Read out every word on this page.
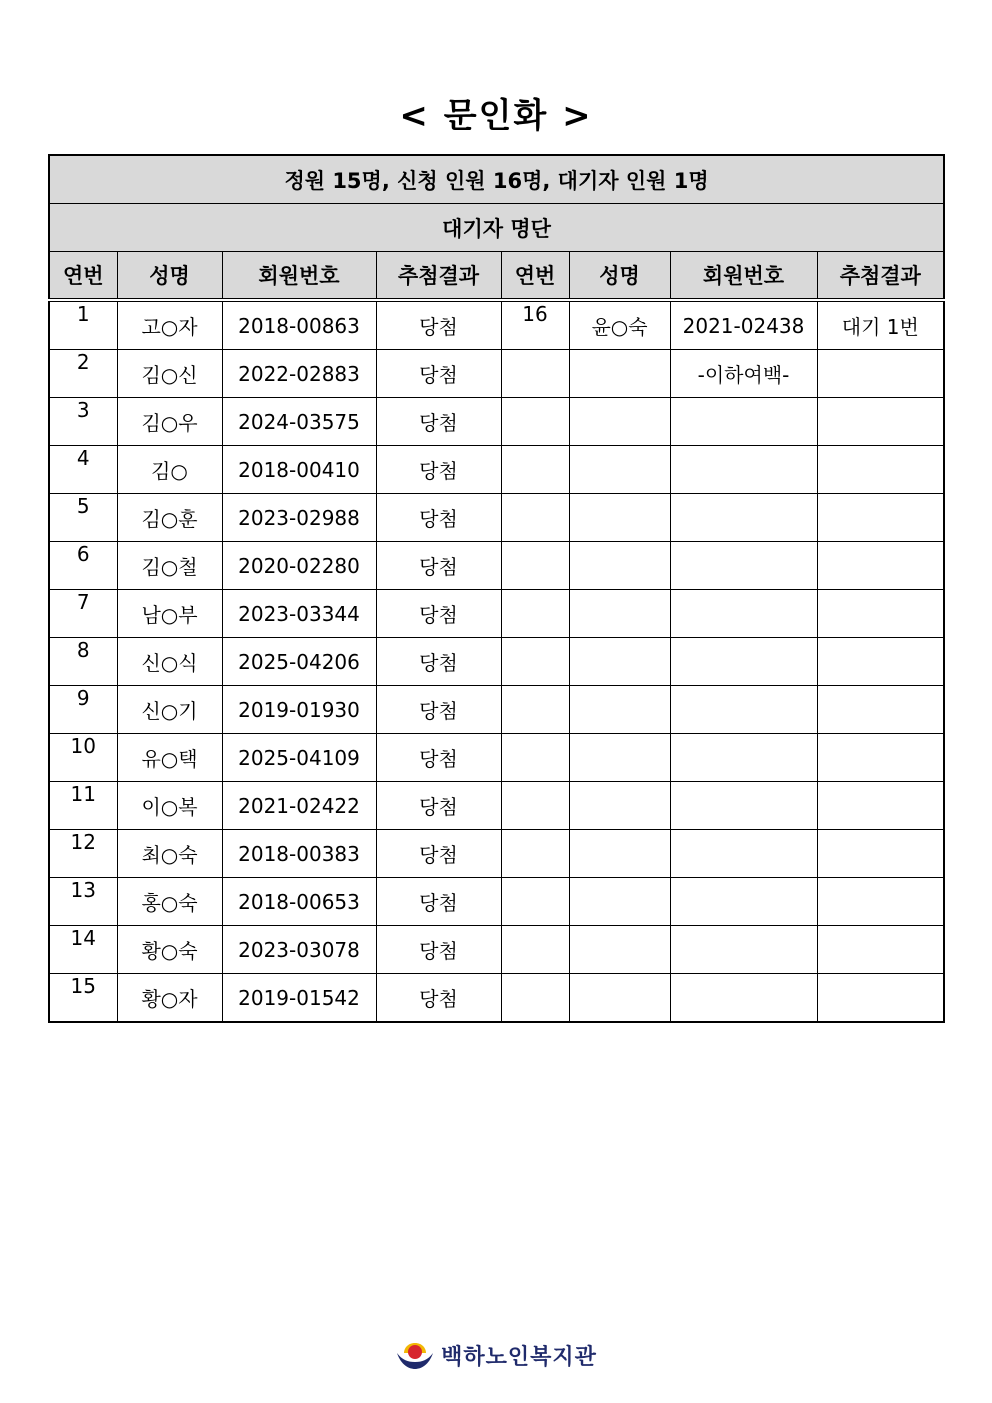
< 문인화 >
정원 15명, 신청 인원 16명, 대기자 인원 1명							
대기자 명단							
연번	성명	회원번호	추첨결과	연번	성명	회원번호	추첨결과
1	고○자	2018-00863	당첨	16	윤○숙	2021-02438	대기 1번
2	김○신	2022-02883	당첨			-이하여백-	
3	김○우	2024-03575	당첨				
4	김○	2018-00410	당첨				
5	김○훈	2023-02988	당첨				
6	김○철	2020-02280	당첨				
7	남○부	2023-03344	당첨				
8	신○식	2025-04206	당첨				
9	신○기	2019-01930	당첨				
10	유○택	2025-04109	당첨				
11	이○복	2021-02422	당첨				
12	최○숙	2018-00383	당첨				
13	홍○숙	2018-00653	당첨				
14	황○숙	2023-03078	당첨				
15	황○자	2019-01542	당첨				
백하노인복지관
